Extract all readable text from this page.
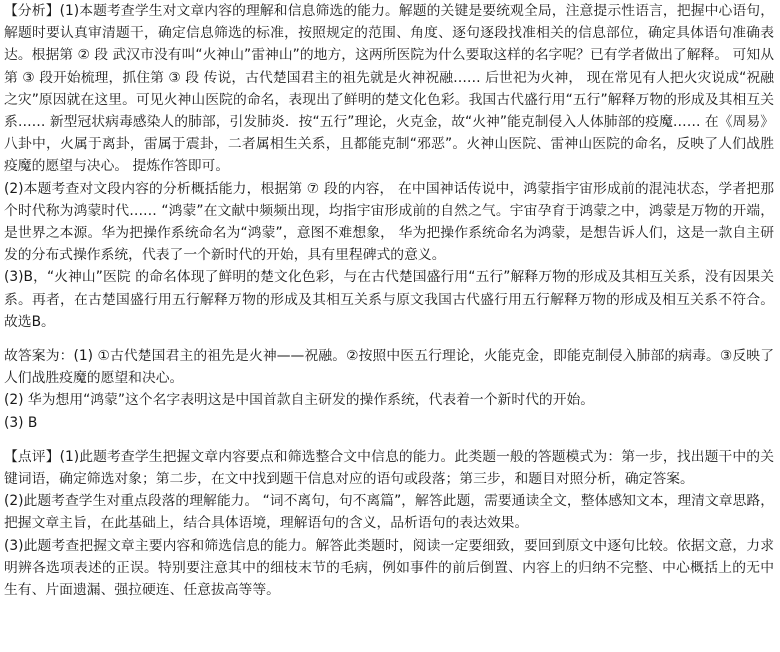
【分析】(1)本题考查学生对文章内容的理解和信息筛选的能力。解题的关键是要统观全局，注意提示性语言，把握中心语句，解题时要认真审清题干，确定信息筛选的标准，按照规定的范围、角度、逐句逐段找准相关的信息部位，确定具体语句准确表达。根据第 ② 段 武汉市没有叫“火神山”雷神山”的地方，这两所医院为什么要取这样的名字呢？已有学者做出了解释。 可知从第 ③ 段开始梳理，抓住第 ③ 段 传说，古代楚国君主的祖先就是火神祝融…… 后世祀为火神， 现在常见有人把火灾说成“祝融之灾”原因就在这里。可见火神山医院的命名，表现出了鲜明的楚文化色彩。我国古代盛行用“五行”解释万物的形成及其相互关系…… 新型冠状病毒感染人的肺部，引发肺炎．按“五行”理论，火克金，故“火神”能克制侵入人体肺部的疫魔…… 在《周易》八卦中，火属于离卦，雷属于震卦，二者属相生关系，且都能克制“邪恶”。火神山医院、雷神山医院的命名，反映了人们战胜疫魔的愿望与决心。 提炼作答即可。

(2)本题考查对文段内容的分析概括能力，根据第 ⑦ 段的内容， 在中国神话传说中，鸿蒙指宇宙形成前的混沌状态，学者把那个时代称为鸿蒙时代…… “鸿蒙”在文献中频频出现，均指宇宙形成前的自然之气。宇宙孕育于鸿蒙之中，鸿蒙是万物的开端，是世界之本源。华为把操作系统命名为“鸿蒙”，意图不难想象， 华为把操作系统命名为鸿蒙，是想告诉人们，这是一款自主研发的分布式操作系统，代表了一个新时代的开始，具有里程碑式的意义。

(3)B，“火神山”医院 的命名体现了鲜明的楚文化色彩，与在古代楚国盛行用“五行”解释万物的形成及其相互关系，没有因果关系。再者，在古楚国盛行用五行解释万物的形成及其相互关系与原文我国古代盛行用五行解释万物的形成及相互关系不符合。故选B。

故答案为：(1) ①古代楚国君主的祖先是火神——祝融。②按照中医五行理论，火能克金，即能克制侵入肺部的病毒。③反映了人们战胜疫魔的愿望和决心。

(2) 华为想用“鸿蒙”这个名字表明这是中国首款自主研发的操作系统，代表着一个新时代的开始。

(3) B

【点评】(1)此题考查学生把握文章内容要点和筛选整合文中信息的能力。此类题一般的答题模式为：第一步，找出题干中的关键词语，确定筛选对象；第二步，在文中找到题干信息对应的语句或段落；第三步，和题目对照分析，确定答案。

(2)此题考查学生对重点段落的理解能力。 “词不离句，句不离篇”，解答此题，需要通读全文，整体感知文本，理清文章思路，把握文章主旨，在此基础上，结合具体语境，理解语句的含义，品析语句的表达效果。

(3)此题考查把握文章主要内容和筛选信息的能力。解答此类题时，阅读一定要细致，要回到原文中逐句比较。依据文意，力求明辨各选项表述的正误。特别要注意其中的细枝末节的毛病，例如事件的前后倒置、内容上的归纳不完整、中心概括上的无中生有、片面遗漏、强拉硬连、任意拔高等等。
